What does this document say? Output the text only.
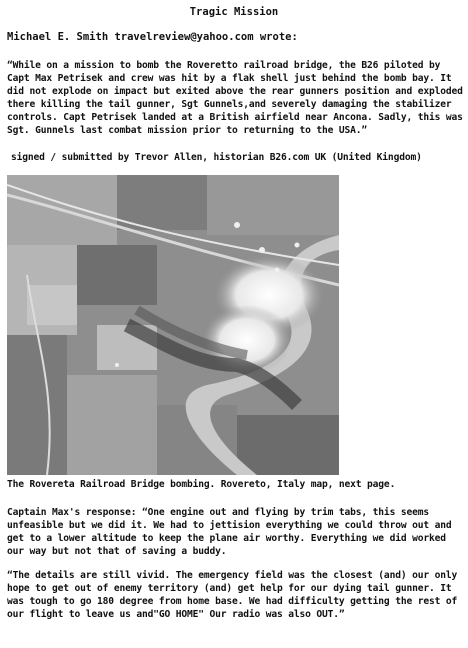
Tragic Mission
Michael E. Smith travelreview@yahoo.com wrote:
“While on a mission to bomb the Roveretto railroad bridge, the B26 piloted by Capt Max Petrisek and crew was hit by a flak shell just behind the bomb bay. It did not explode on impact but exited above the rear gunners position and exploded there killing the tail gunner, Sgt Gunnels,and severely damaging the stabilizer controls. Capt Petrisek landed at a British airfield near Ancona. Sadly, this was Sgt. Gunnels last combat mission prior to returning to the USA.”
signed / submitted by Trevor Allen, historian B26.com UK (United Kingdom)
The Rovereta Railroad Bridge bombing. Rovereto, Italy map, next page.
Captain Max's response: “One engine out and flying by trim tabs, this seems unfeasible but we did it. We had to jettision everything we could throw out and get to a lower altitude to keep the plane air worthy. Everything we did worked our way but not that of saving a buddy.
“The details are still vivid. The emergency field was the closest (and) our only hope to get out of enemy territory (and) get help for our dying tail gunner. It was tough to go 180 degree from home base. We had difficulty getting the rest of our flight to leave us and"GO HOME" Our radio was also OUT.”
